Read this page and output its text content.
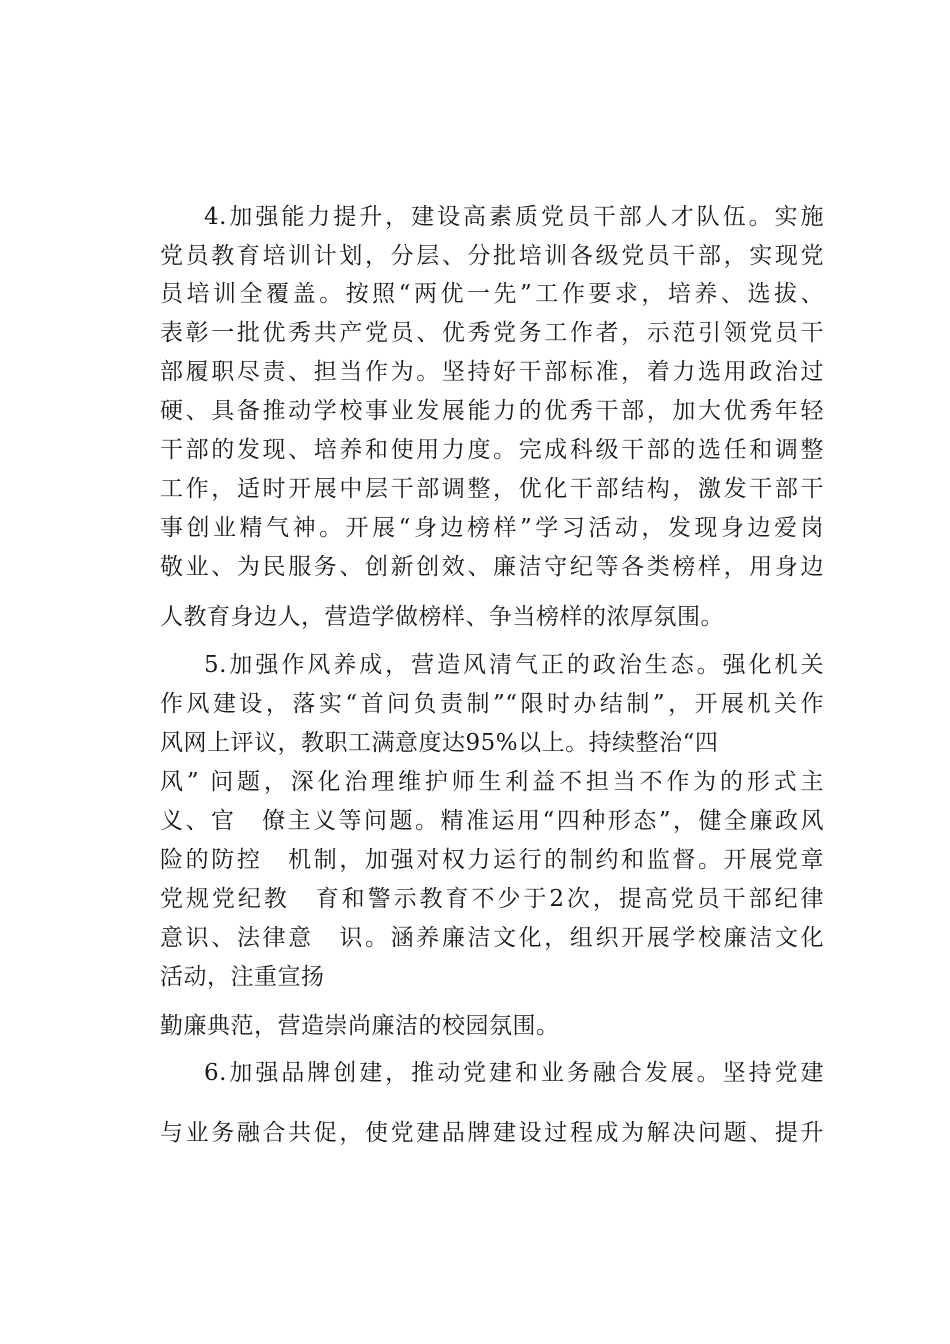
4.加强能力提升，建设高素质党员干部人才队伍。实施
党员教育培训计划，分层、分批培训各级党员干部，实现党
员培训全覆盖。按照“两优一先”工作要求，培养、选拔、
表彰一批优秀共产党员、优秀党务工作者，示范引领党员干
部履职尽责、担当作为。坚持好干部标准，着力选用政治过
硬、具备推动学校事业发展能力的优秀干部，加大优秀年轻
干部的发现、培养和使用力度。完成科级干部的选任和调整
工作，适时开展中层干部调整，优化干部结构，激发干部干
事创业精气神。开展“身边榜样”学习活动，发现身边爱岗
敬业、为民服务、创新创效、廉洁守纪等各类榜样，用身边
人教育身边人，营造学做榜样、争当榜样的浓厚氛围。
5.加强作风养成，营造风清气正的政治生态。强化机关
作风建设，落实“首问负责制”“限时办结制”，开展机关作
风网上评议，教职工满意度达95%以上。持续整治“四
风” 问题，深化治理维护师生利益不担当不作为的形式主
义、官　僚主义等问题。精准运用“四种形态”，健全廉政风
险的防控　机制，加强对权力运行的制约和监督。开展党章
党规党纪教　育和警示教育不少于2次，提高党员干部纪律
意识、法律意　识。涵养廉洁文化，组织开展学校廉洁文化
活动，注重宣扬
勤廉典范，营造崇尚廉洁的校园氛围。
6.加强品牌创建，推动党建和业务融合发展。坚持党建
与业务融合共促，使党建品牌建设过程成为解决问题、提升
